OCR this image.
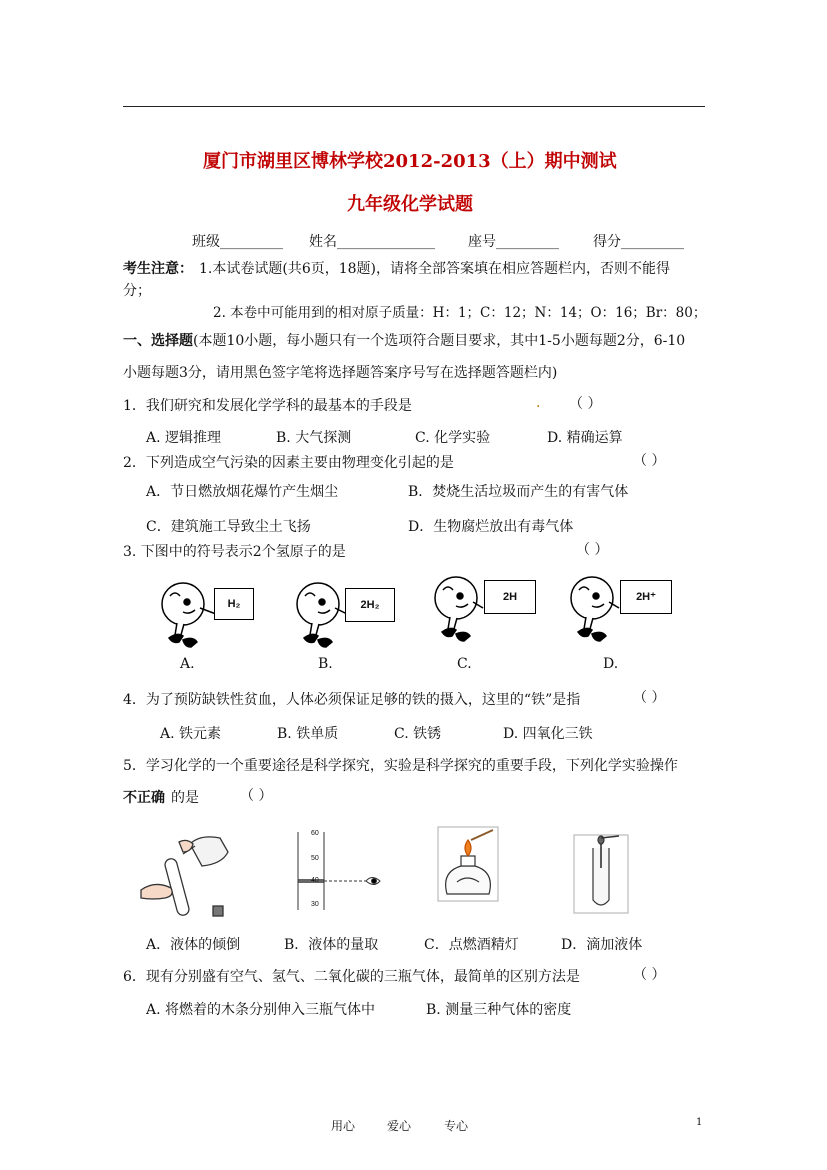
厦门市湖里区博林学校2012-2013（上）期中测试
九年级化学试题
班级_________ 姓名______________ 座号_________ 得分_________
考生注意： 1.本试卷试题(共6页，18题)，请将全部答案填在相应答题栏内，否则不能得
分；
2. 本卷中可能用到的相对原子质量：H：1；C：12；N：14；O：16；Br：80；
一、选择题 (本题10小题，每小题只有一个选项符合题目要求，其中1-5小题每题2分，6-10
小题每题3分，请用黑色签字笔将选择题答案序号写在选择题答题栏内)
1．我们研究和发展化学学科的最基本的手段是	. （ ）
A. 逻辑推理	B. 大气探测	C. 化学实验	D. 精确运算
2．下列造成空气污染的因素主要由物理变化引起的是	（ ）
A．节日燃放烟花爆竹产生烟尘	B．焚烧生活垃圾而产生的有害气体
C．建筑施工导致尘土飞扬	D．生物腐烂放出有毒气体
3. 下图中的符号表示2个氢原子的是	（ ）
H₂	2H₂
2H	2H⁺
A.	B.	C.	D.
4．为了预防缺铁性贫血，人体必须保证足够的铁的摄入，这里的“铁”是指	（ ）
A. 铁元素	B. 铁单质	C. 铁锈	D. 四氧化三铁
5．学习化学的一个重要途径是科学探究，实验是科学探究的重要手段，下列化学实验操作
不正确 的是	（ ）
60
50
40
30
A．液体的倾倒	B．液体的量取	C．点燃酒精灯	D．滴加液体
6．现有分别盛有空气、氢气、二氧化碳的三瓶气体，最简单的区别方法是	（ ）
A. 将燃着的木条分别伸入三瓶气体中	B. 测量三种气体的密度
用心	爱心	专心	1
